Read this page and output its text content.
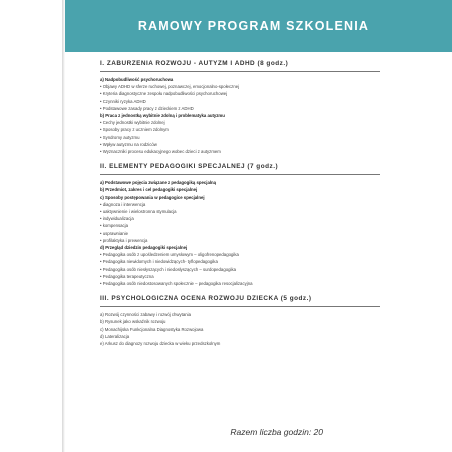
RAMOWY PROGRAM SZKOLENIA
I. ZABURZENIA ROZWOJU - AUTYZM I ADHD (8 godz.)
a) Nadpobudliwość psychoruchowa
• Objawy ADHD w sferze ruchowej, poznawczej, emocjonalno-społecznej
• Kryteria diagnostyczne zespołu nadpobudliwości psychoruchowej
• Czynniki ryzyka ADHD
• Podstawowe zasady pracy z dzieckiem z ADHD
b) Praca z jednostką wybitnie zdolną i problematyka autyzmu
• Cechy jednostki wybitnie zdolnej
• Sposoby pracy z uczniem zdolnym
• Syndromy autyzmu
• Wpływ autyzmu na rodziców
• Wyznaczniki procesu edukacyjnego wobec dzieci z autyzmem
II. ELEMENTY PEDAGOGIKI SPECJALNEJ (7 godz.)
a) Podstawowe pojęcia związane z pedagogiką specjalną
b) Przedmiot, zakres i cel pedagogiki specjalnej
c) Sposoby postępowania w pedagogice specjalnej
• diagnoza i interwencja
• uaktywnienie i wielostronna stymulacja
• indywidualizacja
• kompensacja
• usprawnianie
• profilaktyka i prewencja
d) Przegląd dziedzin pedagogiki specjalnej
• Pedagogika osób z upośledzeniem umysłowym – oligofrenopedagogika
• Pedagogika niewidomych i niedowidzących- tyflopedagogika
• Pedagogika osób niesłyszących i niedosłyszących – surdopedagogika
• Pedagogika terapeutyczna
• Pedagogika osób niedostosowanych społecznie – pedagogika resocjalizacyjna
III. PSYCHOLOGICZNA OCENA ROZWOJU DZIECKA (5 godz.)
a) Rozwój czynności zabawy i rozwój chwytania
b) Rysunek jako wskaźnik rozwoju
c) Monachijska Funkcjonalna Diagnostyka Rozwojowa
d) Lateralizacja
e) Arkusz do diagnozy rozwoju dziecka w wieku przedszkolnym
Razem liczba godzin: 20
